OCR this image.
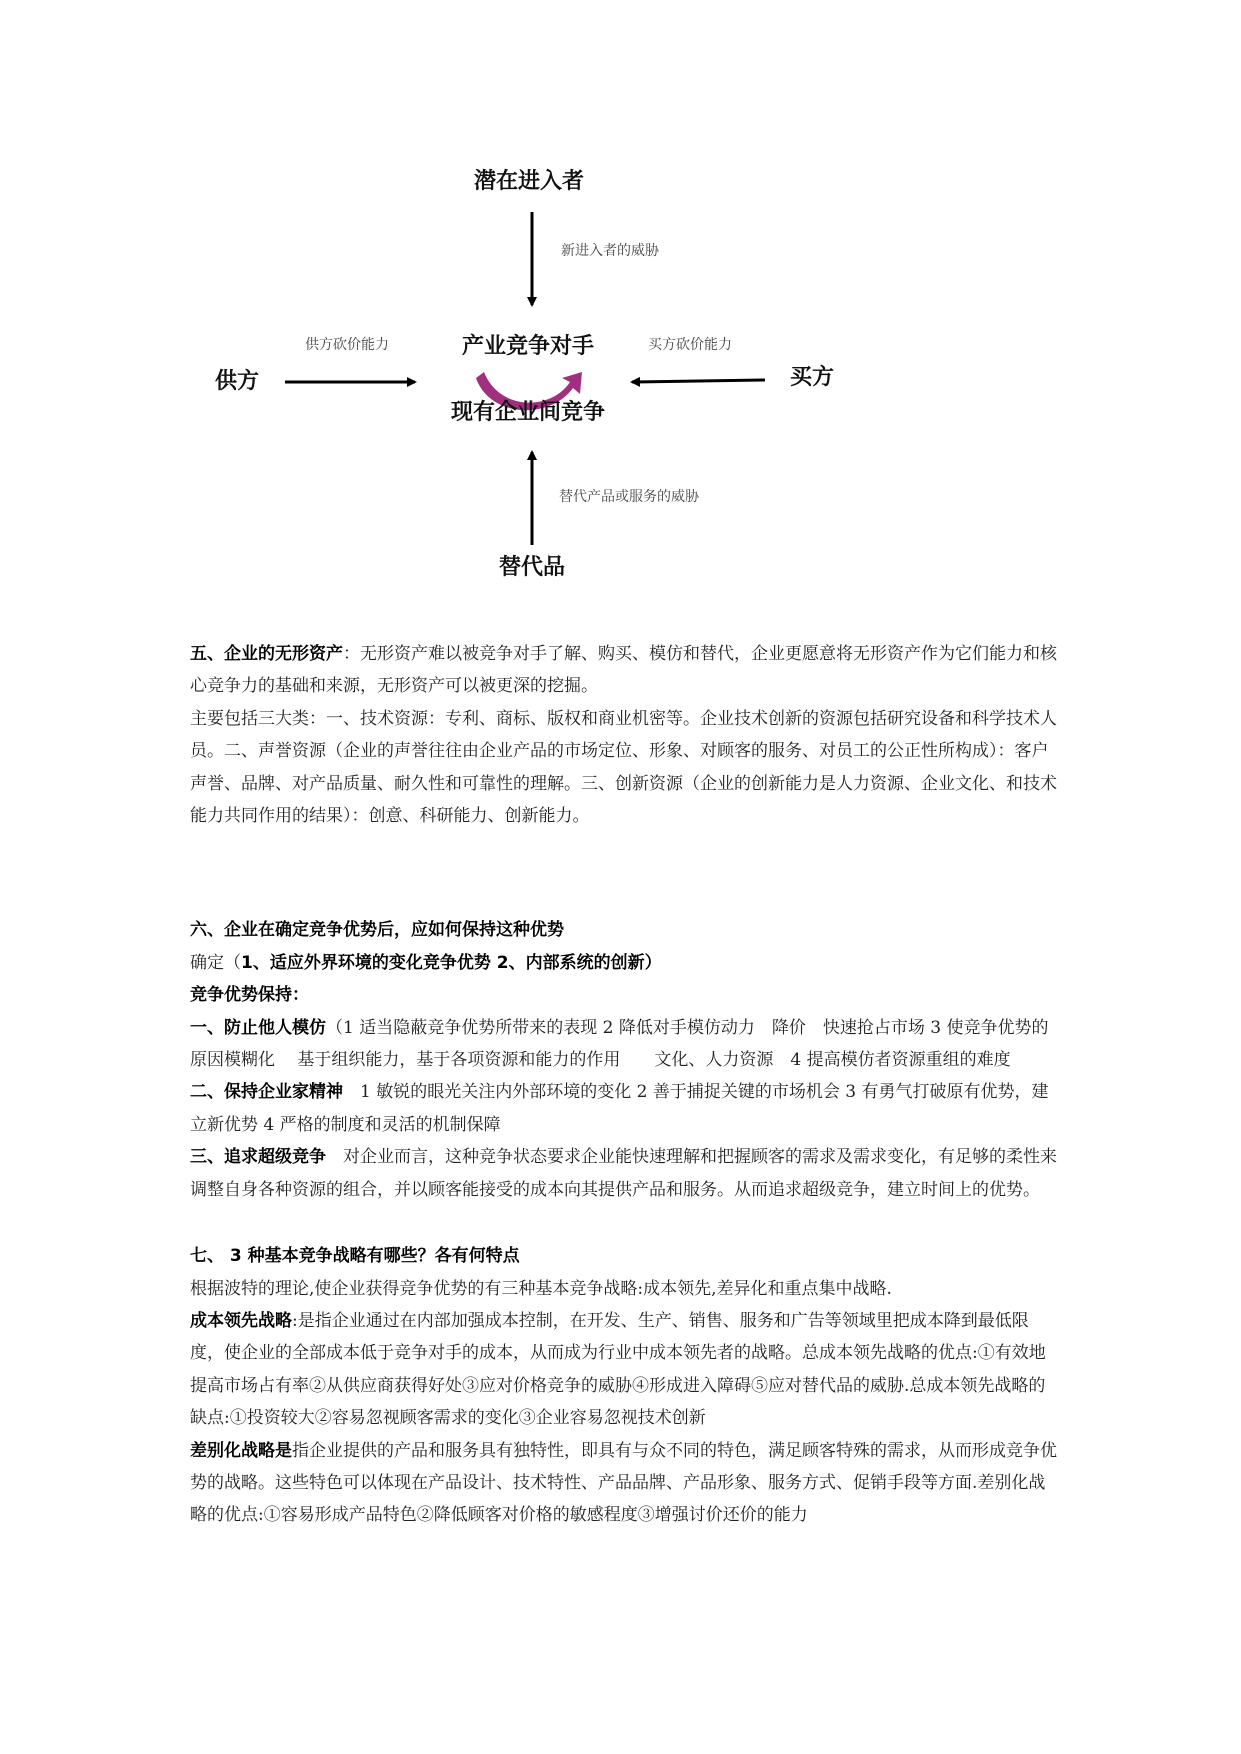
潜在进入者
新进入者的威胁
产业竞争对手
现有企业间竞争
供方
供方砍价能力
买方
买方砍价能力
替代品
替代产品或服务的威胁

五、企业的无形资产：无形资产难以被竞争对手了解、购买、模仿和替代，企业更愿意将无形资产作为它们能力和核心竞争力的基础和来源，无形资产可以被更深的挖掘。

主要包括三大类：一、技术资源：专利、商标、版权和商业机密等。企业技术创新的资源包括研究设备和科学技术人员。二、声誉资源（企业的声誉往往由企业产品的市场定位、形象、对顾客的服务、对员工的公正性所构成）：客户声誉、品牌、对产品质量、耐久性和可靠性的理解。三、创新资源（企业的创新能力是人力资源、企业文化、和技术能力共同作用的结果）：创意、科研能力、创新能力。

六、企业在确定竞争优势后，应如何保持这种优势

确定（1、适应外界环境的变化竞争优势 2、内部系统的创新）

竞争优势保持：

一、防止他人模仿（1 适当隐蔽竞争优势所带来的表现 2 降低对手模仿动力　降价　快速抢占市场 3 使竞争优势的原因模糊化　 基于组织能力，基于各项资源和能力的作用　　文化、人力资源　4 提高模仿者资源重组的难度

二、保持企业家精神　1 敏锐的眼光关注内外部环境的变化 2 善于捕捉关键的市场机会 3 有勇气打破原有优势，建立新优势 4 严格的制度和灵活的机制保障

三、追求超级竞争　对企业而言，这种竞争状态要求企业能快速理解和把握顾客的需求及需求变化，有足够的柔性来调整自身各种资源的组合，并以顾客能接受的成本向其提供产品和服务。从而追求超级竞争，建立时间上的优势。

七、 3 种基本竞争战略有哪些？各有何特点

根据波特的理论,使企业获得竞争优势的有三种基本竞争战略:成本领先,差异化和重点集中战略.

成本领先战略:是指企业通过在内部加强成本控制，在开发、生产、销售、服务和广告等领域里把成本降到最低限度，使企业的全部成本低于竞争对手的成本，从而成为行业中成本领先者的战略。总成本领先战略的优点:①有效地提高市场占有率②从供应商获得好处③应对价格竞争的威胁④形成进入障碍⑤应对替代品的威胁.总成本领先战略的缺点:①投资较大②容易忽视顾客需求的变化③企业容易忽视技术创新

差别化战略是指企业提供的产品和服务具有独特性，即具有与众不同的特色，满足顾客特殊的需求，从而形成竞争优势的战略。这些特色可以体现在产品设计、技术特性、产品品牌、产品形象、服务方式、促销手段等方面.差别化战略的优点:①容易形成产品特色②降低顾客对价格的敏感程度③增强讨价还价的能力
